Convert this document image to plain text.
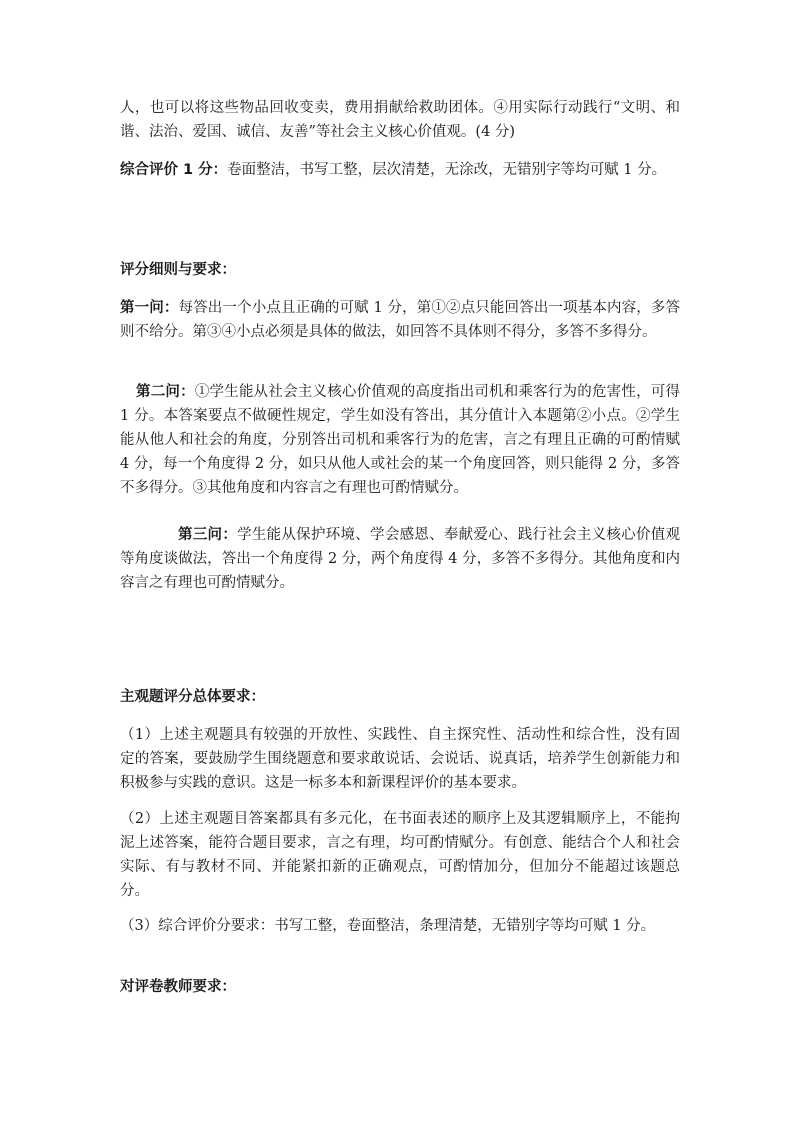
人，也可以将这些物品回收变卖，费用捐献给救助团体。④用实际行动践行“文明、和谐、法治、爱国、诚信、友善”等社会主义核心价值观。(4 分)

综合评价 1 分：卷面整洁，书写工整，层次清楚，无涂改，无错别字等均可赋 1 分。

评分细则与要求：

第一问：每答出一个小点且正确的可赋 1 分，第①②点只能回答出一项基本内容，多答则不给分。第③④小点必须是具体的做法，如回答不具体则不得分，多答不多得分。

第二问：①学生能从社会主义核心价值观的高度指出司机和乘客行为的危害性，可得 1 分。本答案要点不做硬性规定，学生如没有答出，其分值计入本题第②小点。②学生能从他人和社会的角度，分别答出司机和乘客行为的危害，言之有理且正确的可酌情赋 4 分，每一个角度得 2 分，如只从他人或社会的某一个角度回答，则只能得 2 分，多答不多得分。③其他角度和内容言之有理也可酌情赋分。

第三问：学生能从保护环境、学会感恩、奉献爱心、践行社会主义核心价值观等角度谈做法，答出一个角度得 2 分，两个角度得 4 分，多答不多得分。其他角度和内容言之有理也可酌情赋分。

主观题评分总体要求：

（1）上述主观题具有较强的开放性、实践性、自主探究性、活动性和综合性，没有固定的答案，要鼓励学生围绕题意和要求敢说话、会说话、说真话，培养学生创新能力和积极参与实践的意识。这是一标多本和新课程评价的基本要求。

（2）上述主观题目答案都具有多元化，在书面表述的顺序上及其逻辑顺序上，不能拘泥上述答案，能符合题目要求，言之有理，均可酌情赋分。有创意、能结合个人和社会实际、有与教材不同、并能紧扣新的正确观点，可酌情加分，但加分不能超过该题总分。

（3）综合评价分要求：书写工整，卷面整洁，条理清楚，无错别字等均可赋 1 分。

对评卷教师要求：
